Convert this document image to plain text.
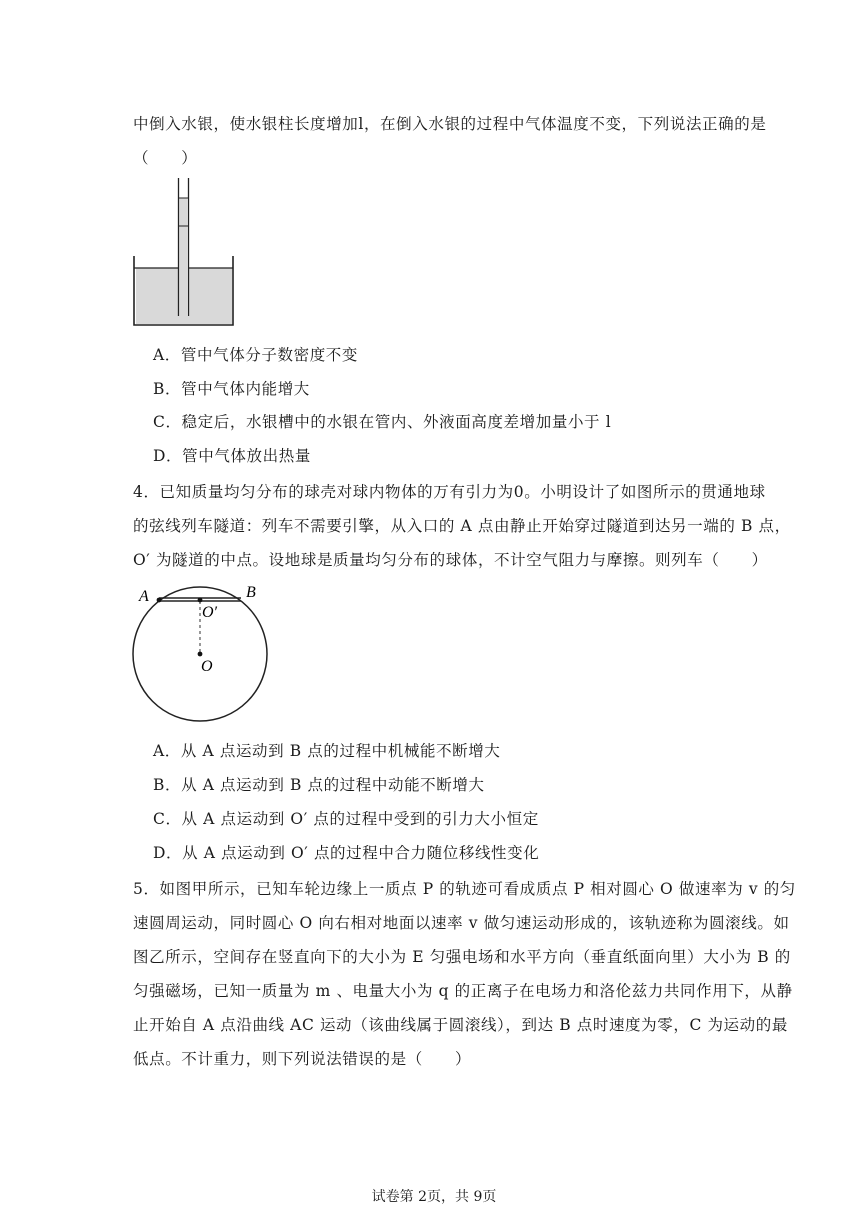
中倒入水银，使水银柱长度增加l，在倒入水银的过程中气体温度不变，下列说法正确的是
（　　）
A．管中气体分子数密度不变
B．管中气体内能增大
C．稳定后，水银槽中的水银在管内、外液面高度差增加量小于 l
D．管中气体放出热量
4．已知质量均匀分布的球壳对球内物体的万有引力为0。小明设计了如图所示的贯通地球
的弦线列车隧道：列车不需要引擎，从入口的 A 点由静止开始穿过隧道到达另一端的 B 点，
O′ 为隧道的中点。设地球是质量均匀分布的球体，不计空气阻力与摩擦。则列车（　　）
A	B
O′
O
A．从 A 点运动到 B 点的过程中机械能不断增大
B．从 A 点运动到 B 点的过程中动能不断增大
C．从 A 点运动到 O′ 点的过程中受到的引力大小恒定
D．从 A 点运动到 O′ 点的过程中合力随位移线性变化
5．如图甲所示，已知车轮边缘上一质点 P 的轨迹可看成质点 P 相对圆心 O 做速率为 v 的匀
速圆周运动，同时圆心 O 向右相对地面以速率 v 做匀速运动形成的，该轨迹称为圆滚线。如
图乙所示，空间存在竖直向下的大小为 E 匀强电场和水平方向（垂直纸面向里）大小为 B 的
匀强磁场，已知一质量为 m 、电量大小为 q 的正离子在电场力和洛伦兹力共同作用下，从静
止开始自 A 点沿曲线 AC 运动（该曲线属于圆滚线），到达 B 点时速度为零，C 为运动的最
低点。不计重力，则下列说法错误的是（　　）
试卷第 2页，共 9页
